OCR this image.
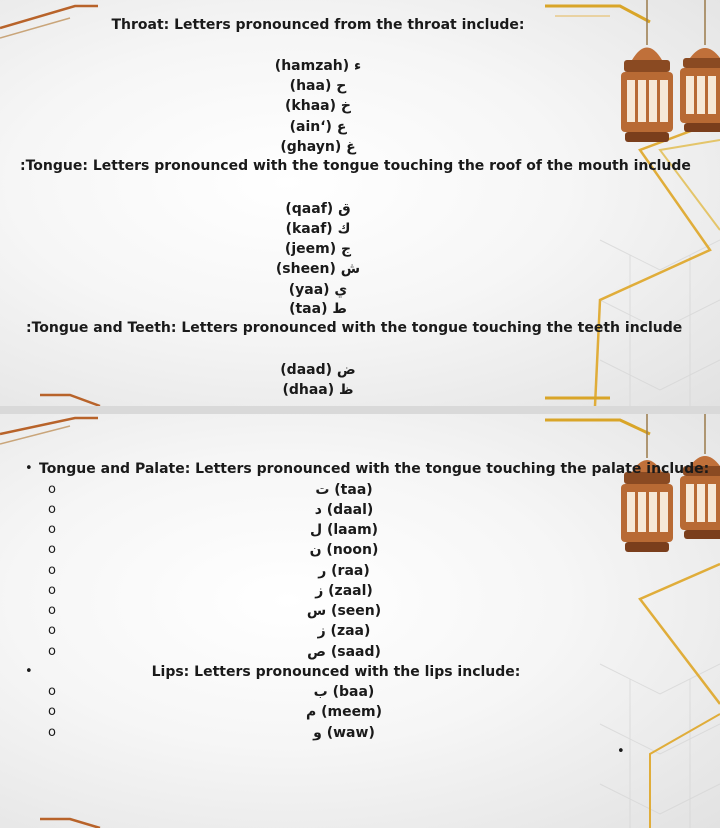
Throat: Letters pronounced from the throat include:
(hamzah) ء
(haa) ح
(khaa) خ
(ain‘) ع
(ghayn) غ
:Tongue: Letters pronounced with the tongue touching the roof of the mouth include
(qaaf) ق
(kaaf) ك
(jeem) ج
(sheen) ش
(yaa) ي
(taa) ط
:Tongue and Teeth: Letters pronounced with the tongue touching the teeth include
(daad) ض
(dhaa) ظ
• Tongue and Palate: Letters pronounced with the tongue touching the palate include:
o	ت (taa)
o	د (daal)
o	ل (laam)
o	ن (noon)
o	ر (raa)
o	ز (zaal)
o	س (seen)
o	ز (zaa)
o	ص (saad)
•	Lips: Letters pronounced with the lips include:
o	ب (baa)
o	م (meem)
o	و (waw)
•
